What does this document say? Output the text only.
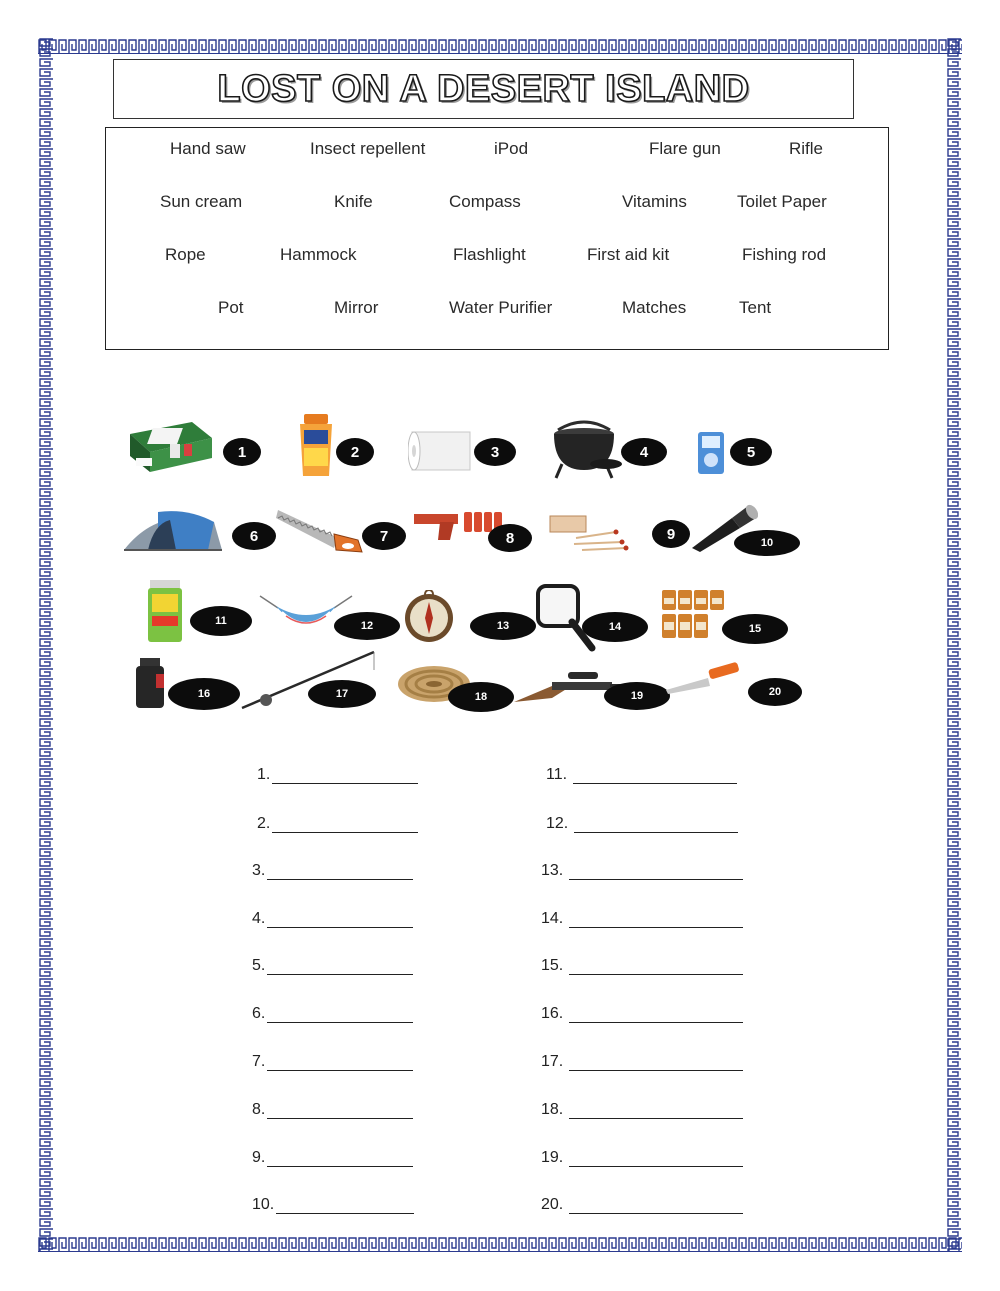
LOST ON A DESERT ISLAND
Hand saw	Insect repellent	iPod	Flare gun	Rifle
Sun cream	Knife	Compass	Vitamins	Toilet Paper
Rope	Hammock	Flashlight	First aid kit	Fishing rod
Pot	Mirror	Water Purifier	Matches	Tent
1	2	3	4	5
6	7	8	9
10
11	12	13	14	15
16	17	18	19	20
1.
2.
3.
4.
5.
6.
7.
8.
9.
10.
11.
12.
13.
14.
15.
16.
17.
18.
19.
20.
